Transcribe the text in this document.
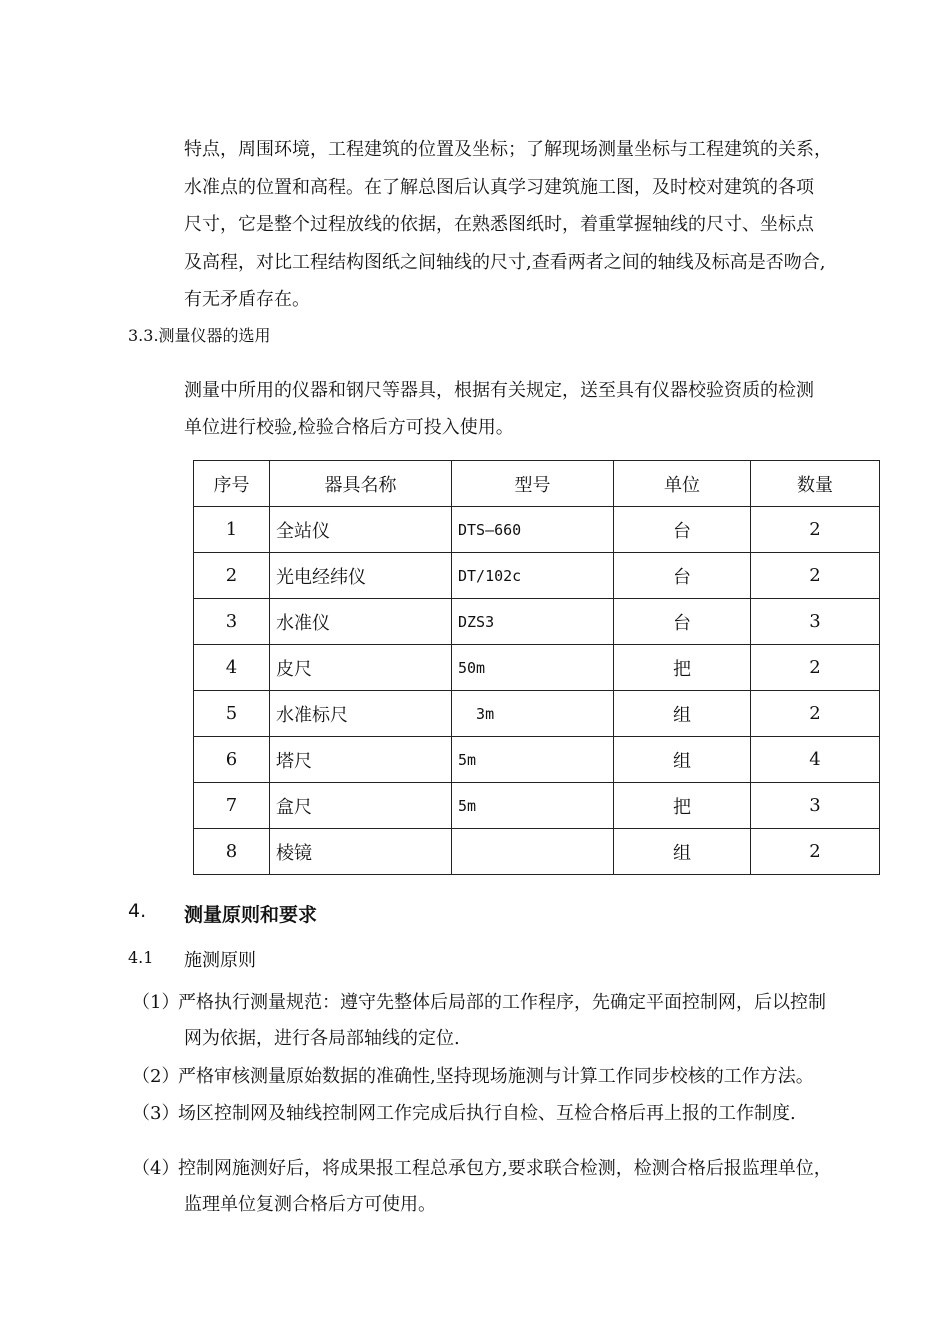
特点，周围环境，工程建筑的位置及坐标；了解现场测量坐标与工程建筑的关系，
水准点的位置和高程。在了解总图后认真学习建筑施工图，及时校对建筑的各项
尺寸，它是整个过程放线的依据，在熟悉图纸时，着重掌握轴线的尺寸、坐标点
及高程，对比工程结构图纸之间轴线的尺寸,查看两者之间的轴线及标高是否吻合,
有无矛盾存在。
3.3.测量仪器的选用
测量中所用的仪器和钢尺等器具，根据有关规定，送至具有仪器校验资质的检测
单位进行校验,检验合格后方可投入使用。
序号	器具名称	型号	单位	数量
1	全站仪	DTS—660	台	2
2	光电经纬仪	DT/102c	台	2
3	水准仪	DZS3	台	3
4	皮尺	50m	把	2
5	水准标尺	3m	组	2
6	塔尺	5m	组	4
7	盒尺	5m	把	3
8	棱镜		组	2
4. 测量原则和要求
4.1 施测原则
（1）
严格执行测量规范：遵守先整体后局部的工作程序，先确定平面控制网，后以控制
网为依据，进行各局部轴线的定位.
（2）
严格审核测量原始数据的准确性,坚持现场施测与计算工作同步校核的工作方法。
（3）
场区控制网及轴线控制网工作完成后执行自检、互检合格后再上报的工作制度.
（4）
控制网施测好后，将成果报工程总承包方,要求联合检测，检测合格后报监理单位，
监理单位复测合格后方可使用。
